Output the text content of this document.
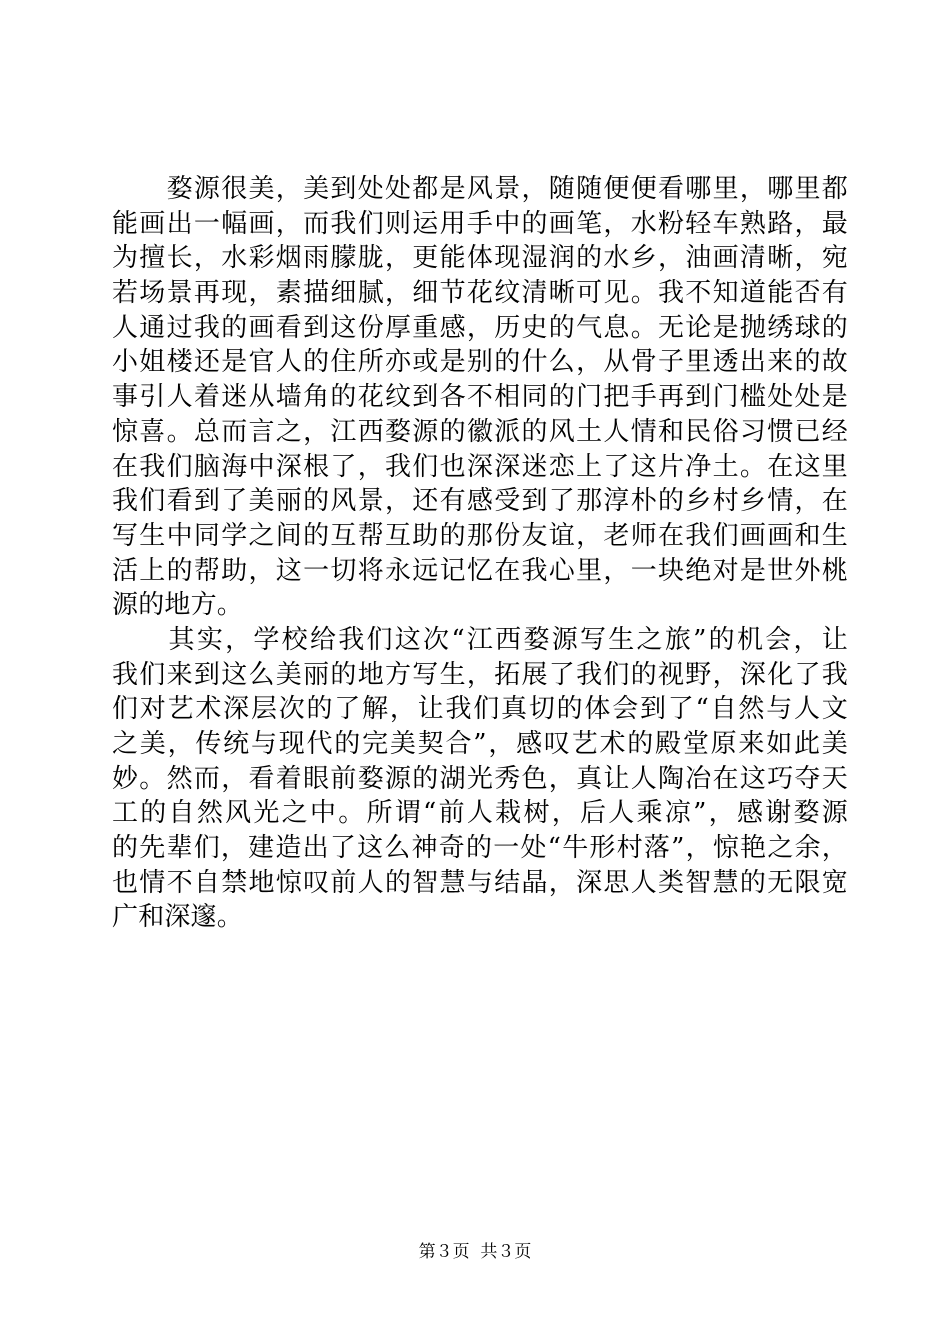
　　婺源很美，美到处处都是风景，随随便便看哪里，哪里都
能画出一幅画，而我们则运用手中的画笔，水粉轻车熟路，最
为擅长，水彩烟雨朦胧，更能体现湿润的水乡，油画清晰，宛
若场景再现，素描细腻，细节花纹清晰可见。我不知道能否有
人通过我的画看到这份厚重感，历史的气息。无论是抛绣球的
小姐楼还是官人的住所亦或是别的什么，从骨子里透出来的故
事引人着迷从墙角的花纹到各不相同的门把手再到门槛处处是
惊喜。总而言之，江西婺源的徽派的风土人情和民俗习惯已经
在我们脑海中深根了，我们也深深迷恋上了这片净土。在这里
我们看到了美丽的风景，还有感受到了那淳朴的乡村乡情，在
写生中同学之间的互帮互助的那份友谊，老师在我们画画和生
活上的帮助，这一切将永远记忆在我心里，一块绝对是世外桃
源的地方。
　　其实，学校给我们这次“江西婺源写生之旅”的机会，让
我们来到这么美丽的地方写生，拓展了我们的视野，深化了我
们对艺术深层次的了解，让我们真切的体会到了“自然与人文
之美，传统与现代的完美契合”，感叹艺术的殿堂原来如此美
妙。然而，看着眼前婺源的湖光秀色，真让人陶冶在这巧夺天
工的自然风光之中。所谓“前人栽树，后人乘凉”，感谢婺源
的先辈们，建造出了这么神奇的一处“牛形村落”，惊艳之余，
也情不自禁地惊叹前人的智慧与结晶，深思人类智慧的无限宽
广和深邃。
第３页  共３页
